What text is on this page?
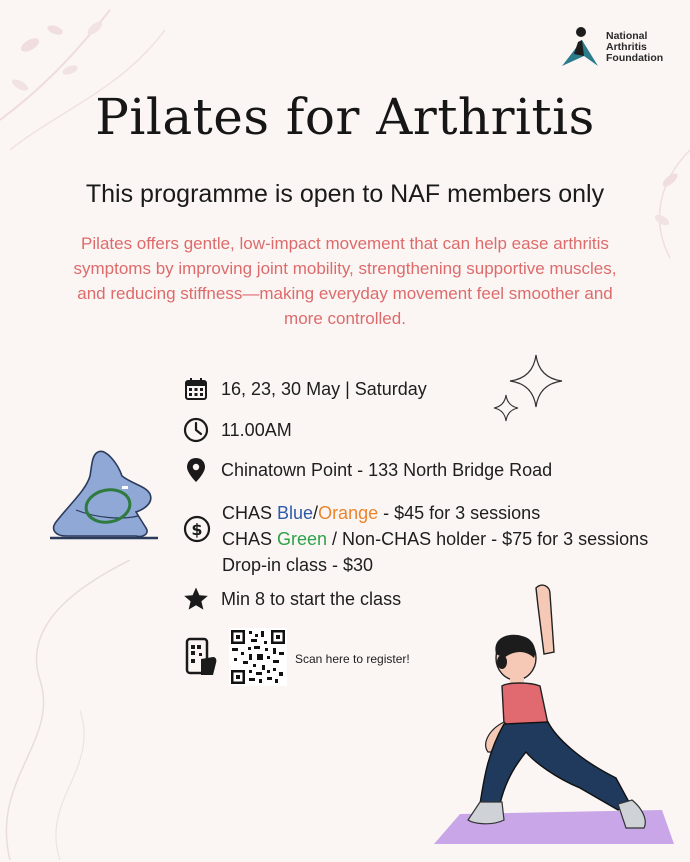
National
Arthritis
Foundation
Pilates for Arthritis
This programme is open to NAF members only
Pilates offers gentle, low-impact movement that can help ease arthritis symptoms by improving joint mobility, strengthening supportive muscles, and reducing stiffness—making everyday movement feel smoother and more controlled.
16, 23, 30 May | Saturday
11.00AM
Chinatown Point - 133 North Bridge Road
$
CHAS Blue/Orange - $45 for 3 sessions
CHAS Green / Non-CHAS holder - $75 for 3 sessions
Drop-in class - $30
Min 8 to start the class
Scan here to register!
